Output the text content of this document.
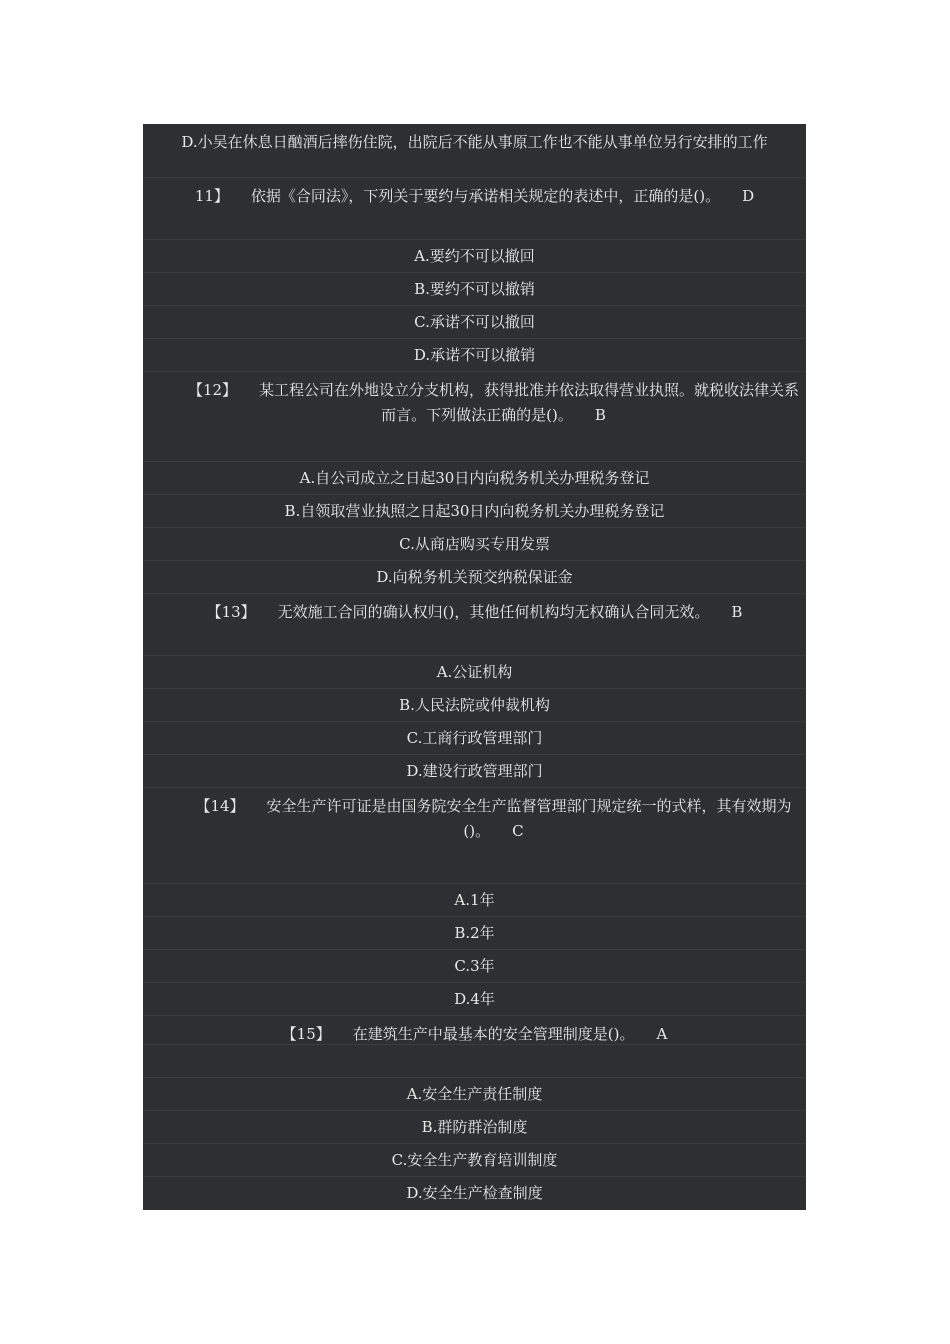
D.小吴在休息日酗酒后摔伤住院，出院后不能从事原工作也不能从事单位另行安排的工作
11】 依据《合同法》，下列关于要约与承诺相关规定的表述中，正确的是()。 D
A.要约不可以撤回
B.要约不可以撤销
C.承诺不可以撤回
D.承诺不可以撤销
【12】 某工程公司在外地设立分支机构，获得批准并依法取得营业执照。就税收法律关系而言。下列做法正确的是()。 B
A.自公司成立之日起30日内向税务机关办理税务登记
B.自领取营业执照之日起30日内向税务机关办理税务登记
C.从商店购买专用发票
D.向税务机关预交纳税保证金
【13】 无效施工合同的确认权归()，其他任何机构均无权确认合同无效。 B
A.公证机构
B.人民法院或仲裁机构
C.工商行政管理部门
D.建设行政管理部门
【14】 安全生产许可证是由国务院安全生产监督管理部门规定统一的式样，其有效期为()。 C
A.1年
B.2年
C.3年
D.4年
【15】 在建筑生产中最基本的安全管理制度是()。 A
A.安全生产责任制度
B.群防群治制度
C.安全生产教育培训制度
D.安全生产检查制度
